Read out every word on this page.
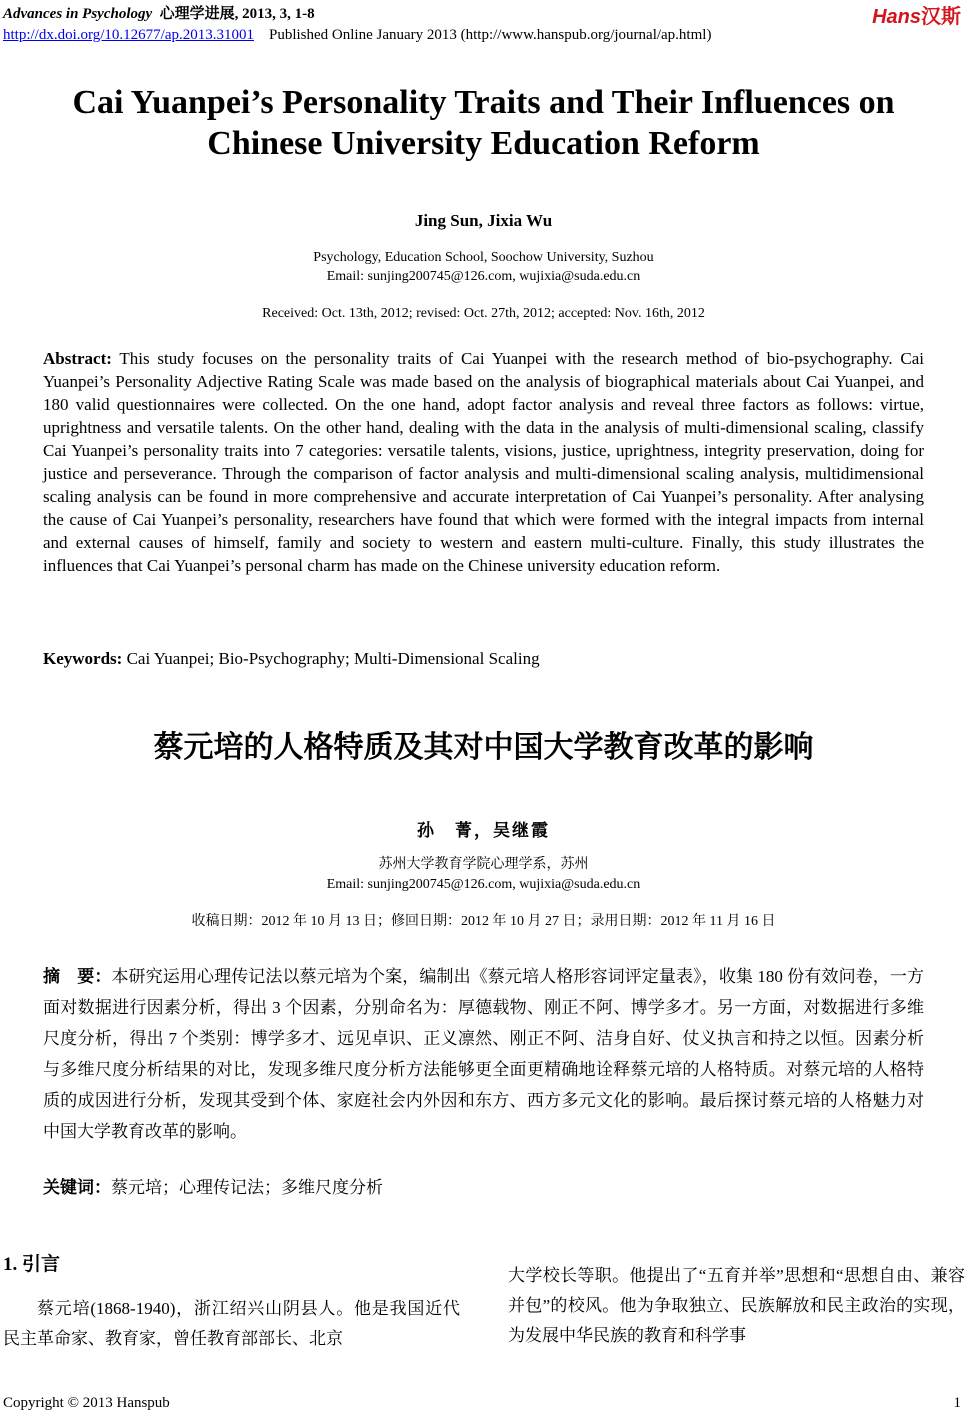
Advances in Psychology 心理学进展, 2013, 3, 1-8
http://dx.doi.org/10.12677/ap.2013.31001 Published Online January 2013 (http://www.hanspub.org/journal/ap.html)
Hans汉斯
Cai Yuanpei’s Personality Traits and Their Influences on
Chinese University Education Reform
Jing Sun, Jixia Wu
Psychology, Education School, Soochow University, Suzhou
Email: sunjing200745@126.com, wujixia@suda.edu.cn
Received: Oct. 13th, 2012; revised: Oct. 27th, 2012; accepted: Nov. 16th, 2012
Abstract: This study focuses on the personality traits of Cai Yuanpei with the research method of bio-psychography. Cai Yuanpei’s Personality Adjective Rating Scale was made based on the analysis of biographical materials about Cai Yuanpei, and 180 valid questionnaires were collected. On the one hand, adopt factor analysis and reveal three factors as follows: virtue, uprightness and versatile talents. On the other hand, dealing with the data in the analysis of multi-dimensional scaling, classify Cai Yuanpei’s personality traits into 7 categories: versatile talents, visions, justice, uprightness, integrity preservation, doing for justice and perseverance. Through the comparison of factor analysis and multi-dimensional scaling analysis, multidimensional scaling analysis can be found in more comprehensive and accurate interpretation of Cai Yuanpei’s personality. After analysing the cause of Cai Yuanpei’s personality, researchers have found that which were formed with the integral impacts from internal and external causes of himself, family and society to western and eastern multi-culture. Finally, this study illustrates the influences that Cai Yuanpei’s personal charm has made on the Chinese university education reform.
Keywords: Cai Yuanpei; Bio-Psychography; Multi-Dimensional Scaling
蔡元培的人格特质及其对中国大学教育改革的影响
孙　菁，吴继霞
苏州大学教育学院心理学系，苏州
Email: sunjing200745@126.com, wujixia@suda.edu.cn
收稿日期：2012 年 10 月 13 日；修回日期：2012 年 10 月 27 日；录用日期：2012 年 11 月 16 日
摘　要：本研究运用心理传记法以蔡元培为个案，编制出《蔡元培人格形容词评定量表》，收集 180 份有效问卷，一方面对数据进行因素分析，得出 3 个因素，分别命名为：厚德载物、刚正不阿、博学多才。另一方面，对数据进行多维尺度分析，得出 7 个类别：博学多才、远见卓识、正义凛然、刚正不阿、洁身自好、仗义执言和持之以恒。因素分析与多维尺度分析结果的对比，发现多维尺度分析方法能够更全面更精确地诠释蔡元培的人格特质。对蔡元培的人格特质的成因进行分析，发现其受到个体、家庭社会内外因和东方、西方多元文化的影响。最后探讨蔡元培的人格魅力对中国大学教育改革的影响。
关键词：蔡元培；心理传记法；多维尺度分析
1. 引言
蔡元培(1868-1940)，浙江绍兴山阴县人。他是我国近代民主革命家、教育家，曾任教育部部长、北京
大学校长等职。他提出了“五育并举”思想和“思想自由、兼容并包”的校风。他为争取独立、民族解放和民主政治的实现，为发展中华民族的教育和科学事
Copyright © 2013 Hanspub	1
